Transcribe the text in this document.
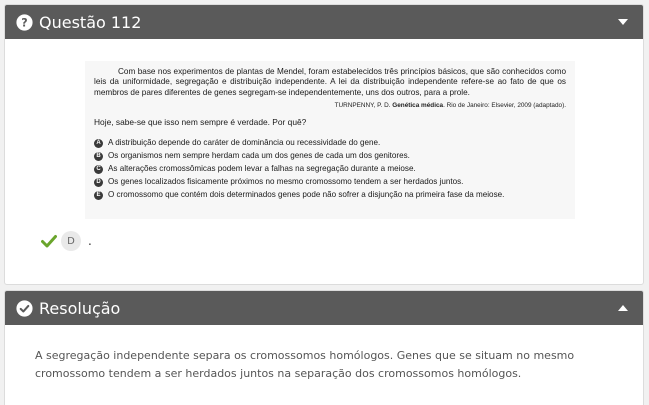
? Questão 112

Com base nos experimentos de plantas de Mendel, foram estabelecidos três princípios básicos, que são conhecidos como leis da uniformidade, segregação e distribuição independente. A lei da distribuição independente refere-se ao fato de que os membros de pares diferentes de genes segregam-se independentemente, uns dos outros, para a prole.

TURNPENNY, P. D. Genética médica. Rio de Janeiro: Elsevier, 2009 (adaptado).

Hoje, sabe-se que isso nem sempre é verdade. Por quê?

A A distribuição depende do caráter de dominância ou recessividade do gene.
B Os organismos nem sempre herdam cada um dos genes de cada um dos genitores.
C As alterações cromossômicas podem levar a falhas na segregação durante a meiose.
D Os genes localizados fisicamente próximos no mesmo cromossomo tendem a ser herdados juntos.
E O cromossomo que contém dois determinados genes pode não sofrer a disjunção na primeira fase da meiose.
D	.
Resolução

A segregação independente separa os cromossomos homólogos. Genes que se situam no mesmo cromossomo tendem a ser herdados juntos na separação dos cromossomos homólogos.
